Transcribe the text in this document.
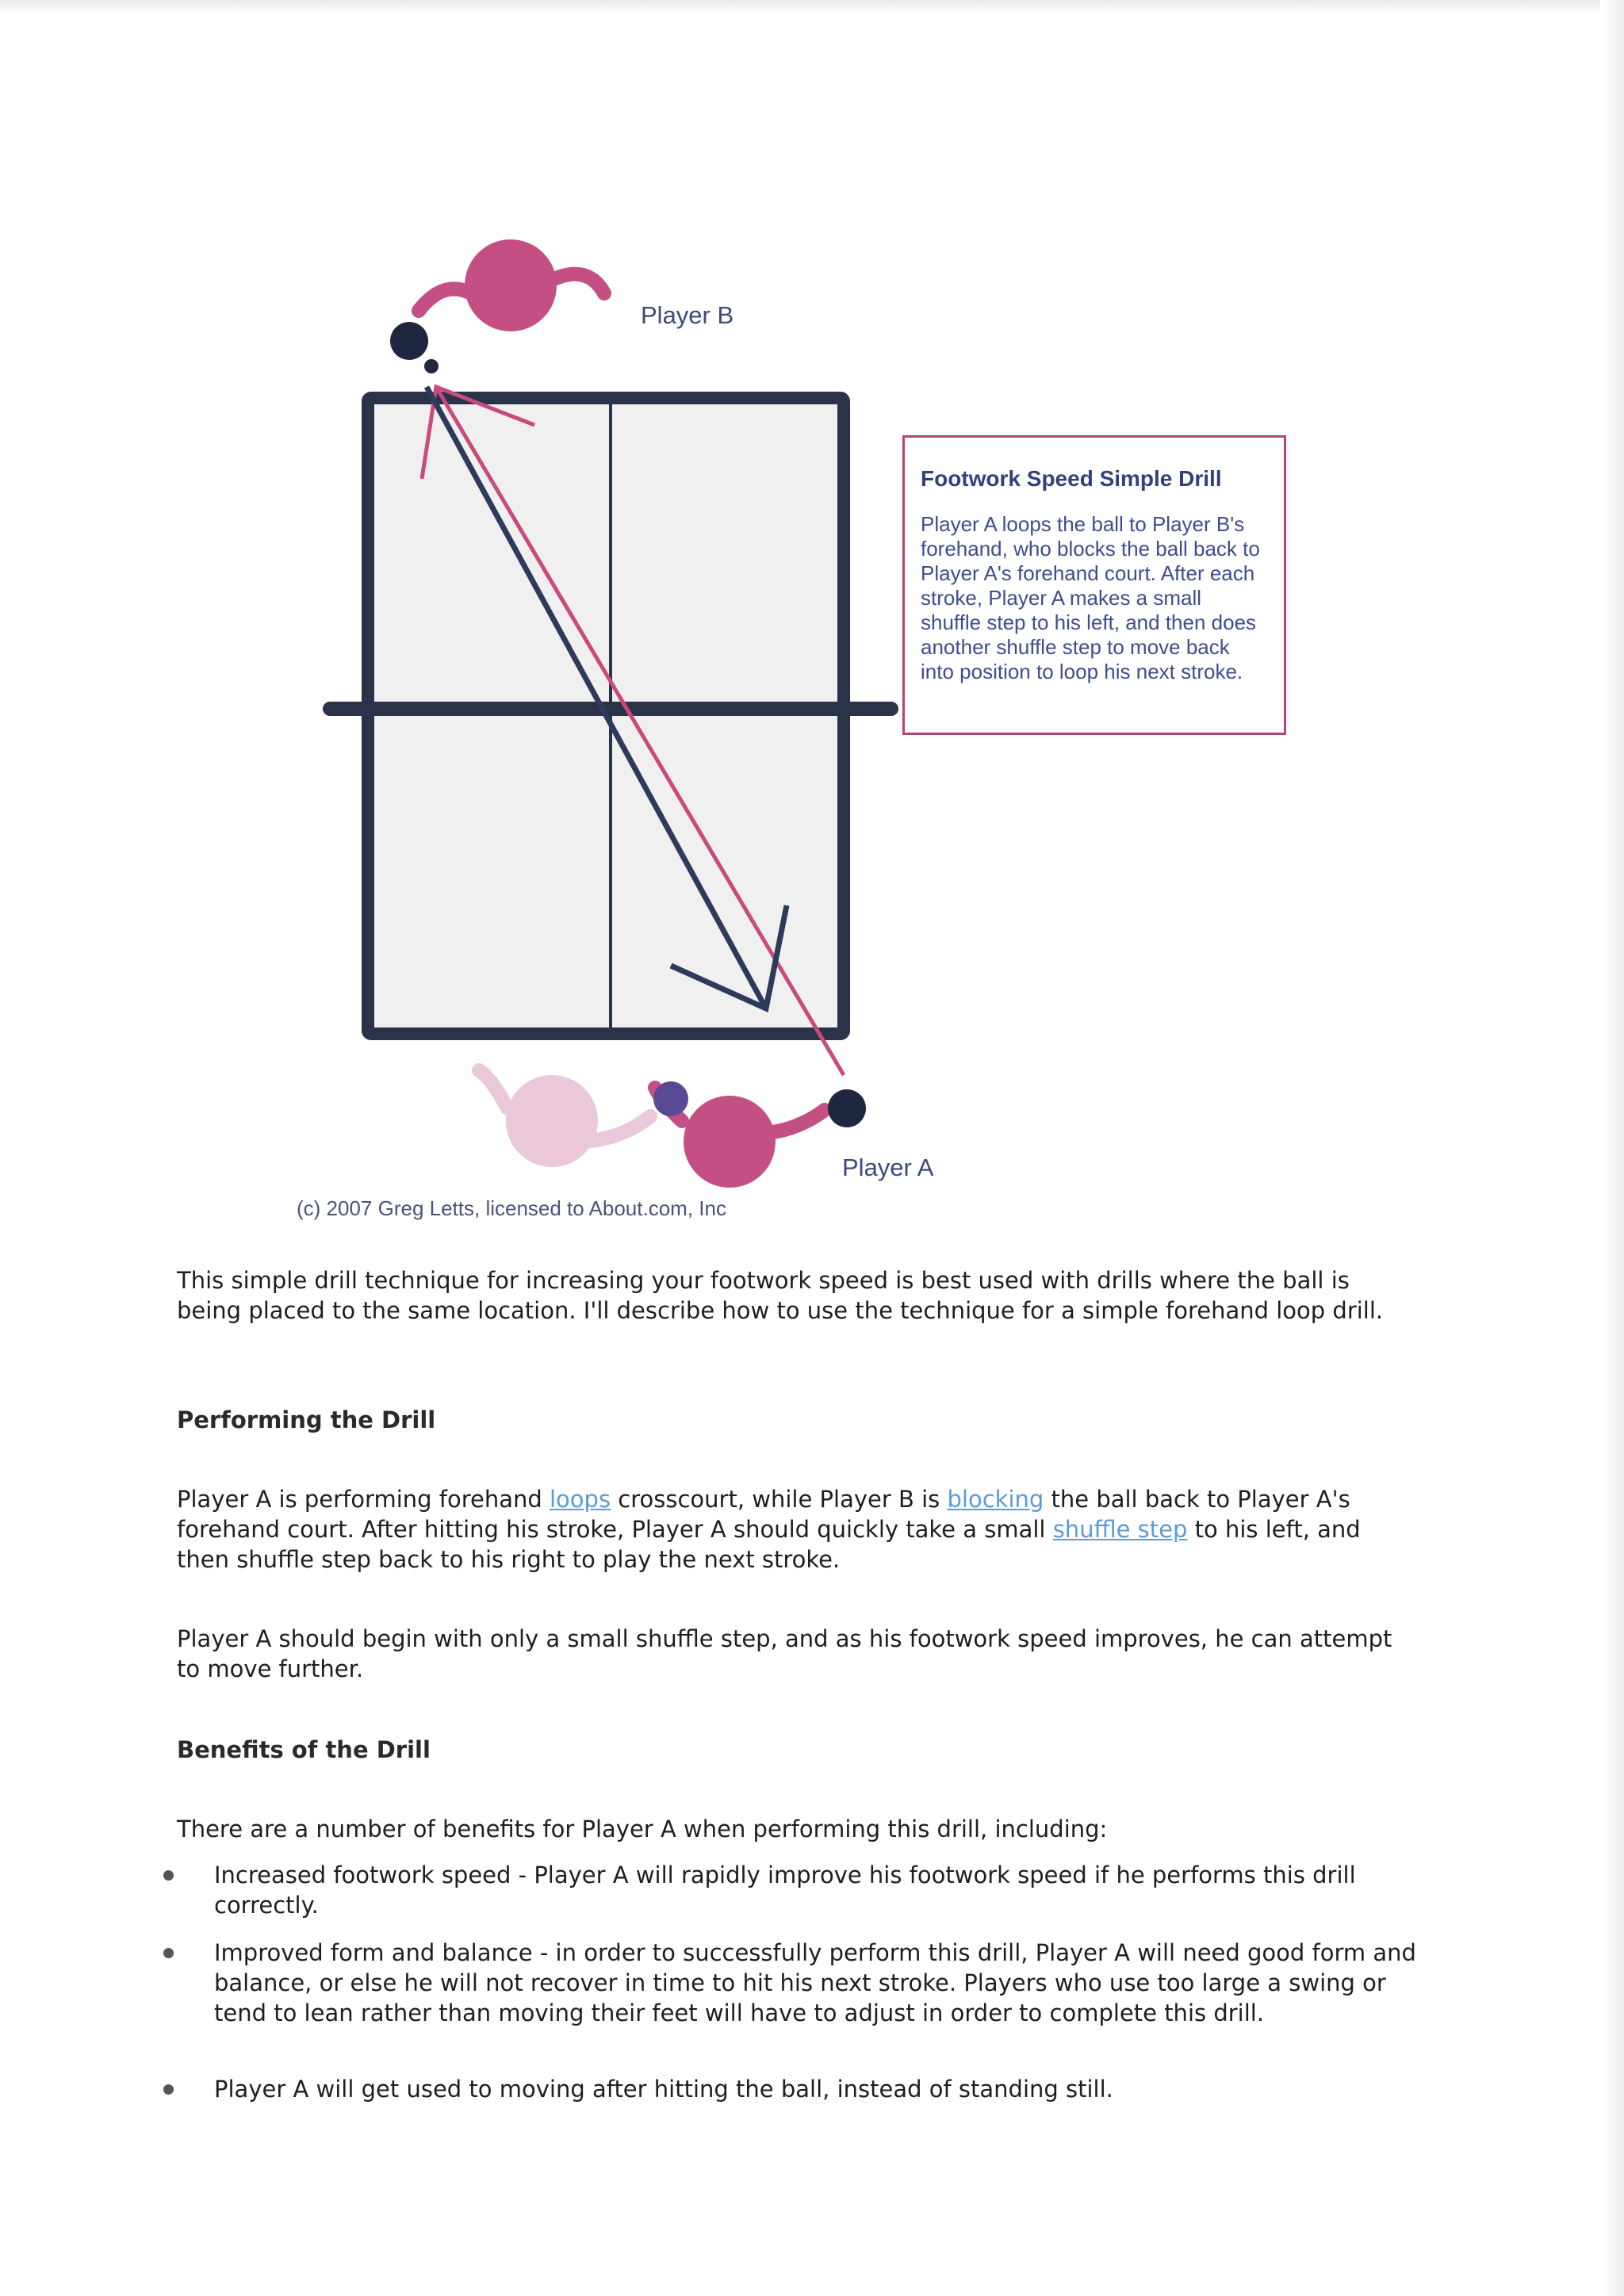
Player B
Player A

Footwork Speed Simple Drill

Player A loops the ball to Player B's forehand, who blocks the ball back to Player A's forehand court. After each stroke, Player A makes a small shuffle step to his left, and then does another shuffle step to move back into position to loop his next stroke.

(c) 2007 Greg Letts, licensed to About.com, Inc

This simple drill technique for increasing your footwork speed is best used with drills where the ball is being placed to the same location. I'll describe how to use the technique for a simple forehand loop drill.

Performing the Drill

Player A is performing forehand loops crosscourt, while Player B is blocking the ball back to Player A's forehand court. After hitting his stroke, Player A should quickly take a small shuffle step to his left, and then shuffle step back to his right to play the next stroke.

Player A should begin with only a small shuffle step, and as his footwork speed improves, he can attempt to move further.

Benefits of the Drill

There are a number of benefits for Player A when performing this drill, including:

Increased footwork speed - Player A will rapidly improve his footwork speed if he performs this drill correctly.

Improved form and balance - in order to successfully perform this drill, Player A will need good form and balance, or else he will not recover in time to hit his next stroke. Players who use too large a swing or tend to lean rather than moving their feet will have to adjust in order to complete this drill.

Player A will get used to moving after hitting the ball, instead of standing still.
